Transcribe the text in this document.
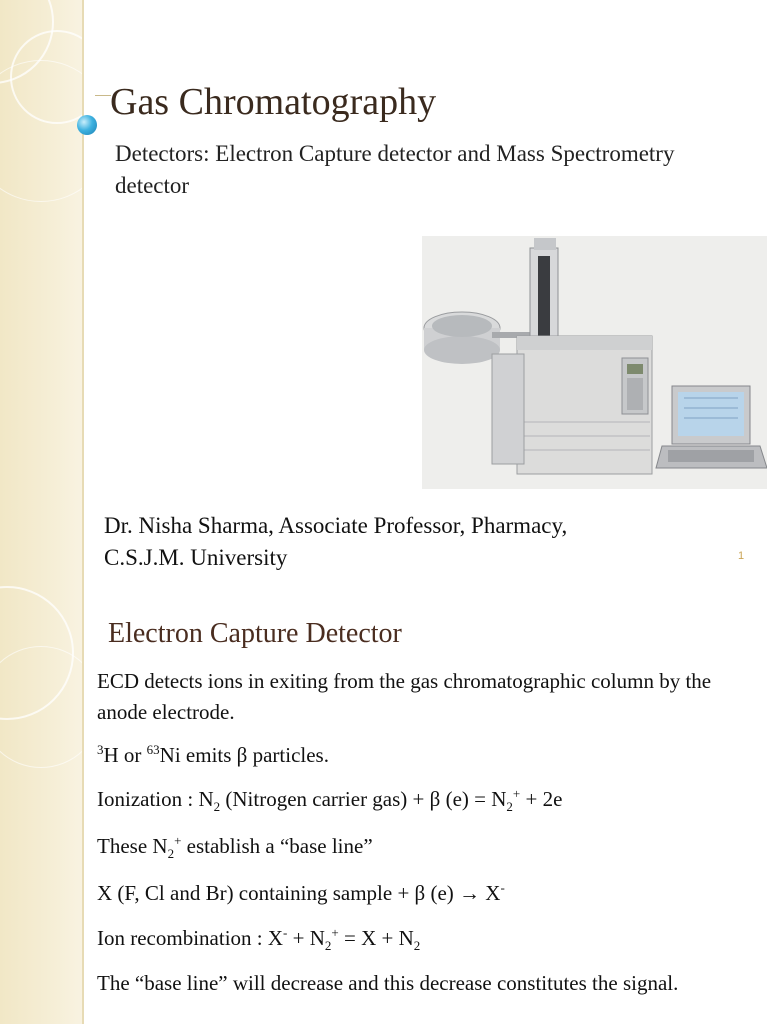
Gas Chromatography
Detectors: Electron Capture detector and Mass Spectrometry detector
Dr. Nisha Sharma, Associate Professor, Pharmacy,
C.S.J.M. University	1
Electron Capture Detector
ECD detects ions in exiting from the gas chromatographic column by the anode electrode.
$^3$H or $^{63}$Ni emits β particles.
Ionization : $N_2$ (Nitrogen carrier gas) + β $(e) = N_2^+ + 2e$
These $N_2^+$ establish a “base line”
X (F, Cl and Br) containing sample + β (e) → X-
Ion recombination : $X^- + N_2^+ = X + N_2$
The “base line” will decrease and this decrease constitutes the signal.
